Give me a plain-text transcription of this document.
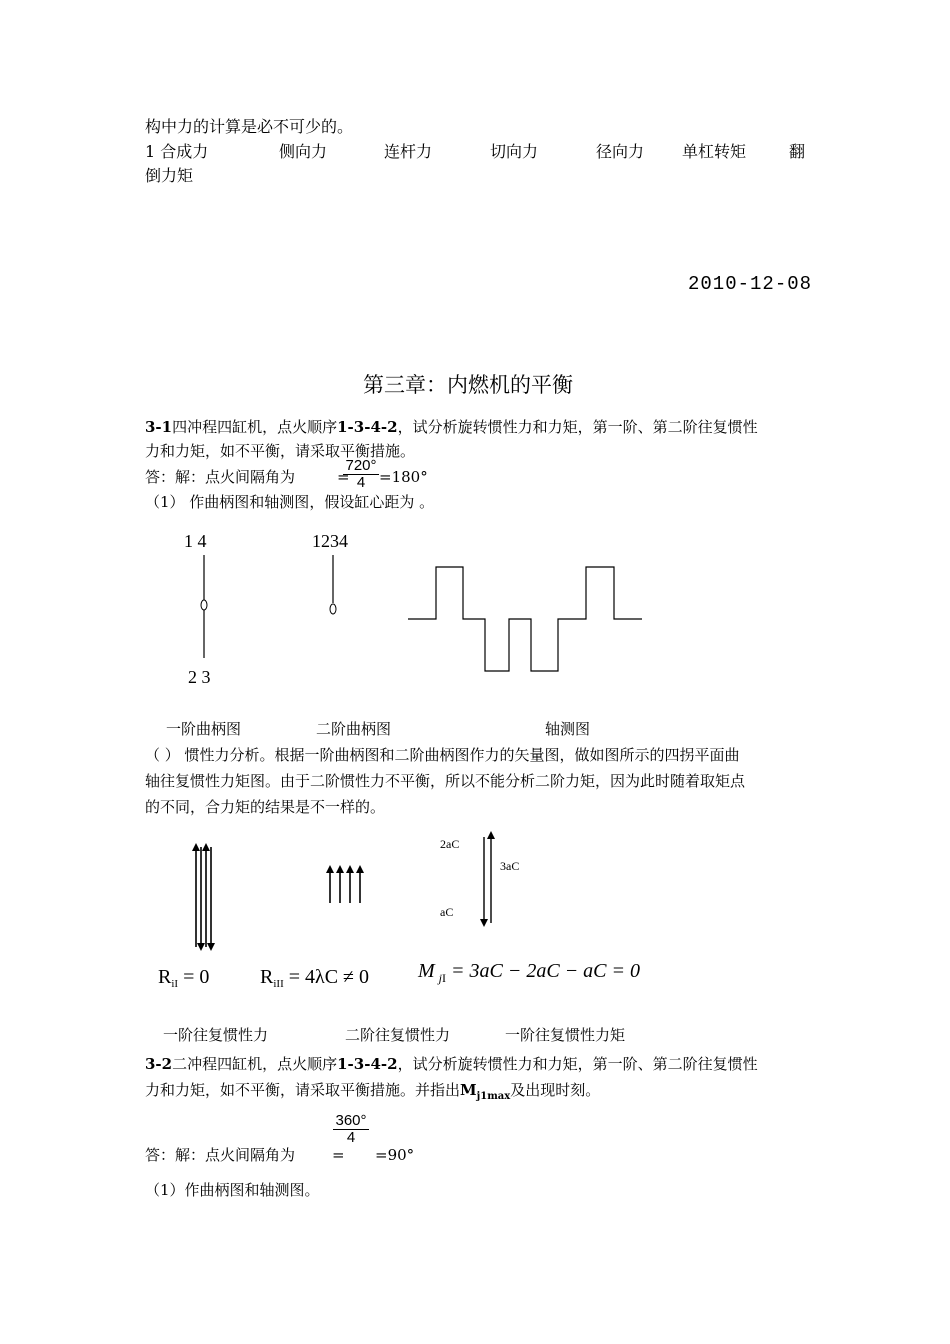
构中力的计算是必不可少的。
1 合成力	侧向力	连杆力	切向力	径向力 单杠转矩	翻
倒力矩
2010-12-08
第三章：内燃机的平衡
3-1四冲程四缸机，点火顺序1-3-4-2，试分析旋转惯性力和力矩，第一阶、第二阶往复惯性
力和力矩，如不平衡，请采取平衡措施。
答：解：点火间隔角为	=
720°
4 =180°
（1） 作曲柄图和轴测图，假设缸心距为 。
1 4
2 3
1234
一阶曲柄图	二阶曲柄图	轴测图
（ ） 惯性力分析。根据一阶曲柄图和二阶曲柄图作力的矢量图，做如图所示的四拐平面曲
轴往复惯性力矩图。由于二阶惯性力不平衡，所以不能分析二阶力矩，因为此时随着取矩点
的不同，合力矩的结果是不一样的。
2aC
3aC
aC
$R_{iI} = 0$	$R_{iII} = 4\lambda C \ne 0$ M $_j$I = 3aC − 2aC − aC = 0
一阶往复惯性力	二阶往复惯性力	一阶往复惯性力矩
3-2二冲程四缸机，点火顺序1-3-4-2，试分析旋转惯性力和力矩，第一阶、第二阶往复惯性
力和力矩，如不平衡，请采取平衡措施。并指出$M_{j1max}$及出现时刻。
360°
4
答：解：点火间隔角为 = =90°
（1）作曲柄图和轴测图。
